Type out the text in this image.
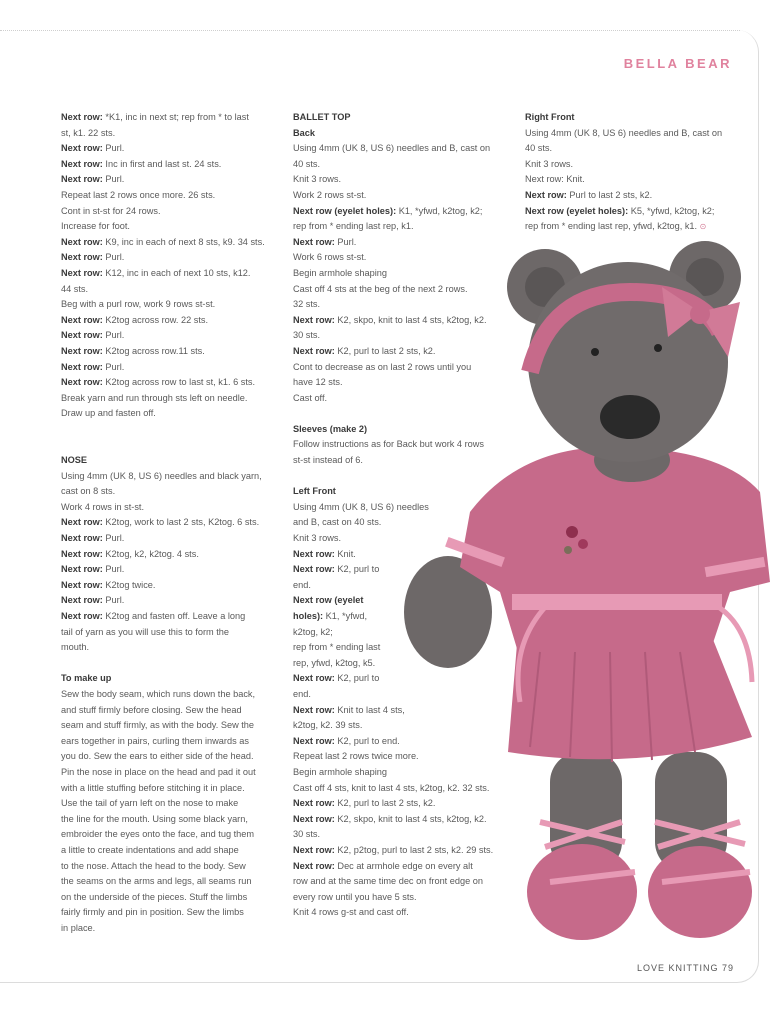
BELLA BEAR

Next row: *K1, inc in next st; rep from * to last

st, k1. 22 sts.

Next row: Purl.

Next row: Inc in first and last st. 24 sts.

Next row: Purl.

Repeat last 2 rows once more. 26 sts.

Cont in st-st for 24 rows.

Increase for foot.

Next row: K9, inc in each of next 8 sts, k9. 34 sts.

Next row: Purl.

Next row: K12, inc in each of next 10 sts, k12.

44 sts.

Beg with a purl row, work 9 rows st-st.

Next row: K2tog across row. 22 sts.

Next row: Purl.

Next row: K2tog across row.11 sts.

Next row: Purl.

Next row: K2tog across row to last st, k1. 6 sts.

Break yarn and run through sts left on needle.

Draw up and fasten off.

NOSE

Using 4mm (UK 8, US 6) needles and black yarn,

cast on 8 sts.

Work 4 rows in st-st.

Next row: K2tog, work to last 2 sts, K2tog. 6 sts.

Next row: Purl.

Next row: K2tog, k2, k2tog. 4 sts.

Next row: Purl.

Next row: K2tog twice.

Next row: Purl.

Next row: K2tog and fasten off. Leave a long

tail of yarn as you will use this to form the

mouth.

To make up

Sew the body seam, which runs down the back,

and stuff firmly before closing. Sew the head

seam and stuff firmly, as with the body. Sew the

ears together in pairs, curling them inwards as

you do. Sew the ears to either side of the head.

Pin the nose in place on the head and pad it out

with a little stuffing before stitching it in place.

Use the tail of yarn left on the nose to make

the line for the mouth. Using some black yarn,

embroider the eyes onto the face, and tug them

a little to create indentations and add shape

to the nose. Attach the head to the body. Sew

the seams on the arms and legs, all seams run

on the underside of the pieces. Stuff the limbs

fairly firmly and pin in position. Sew the limbs

in place.

BALLET TOP

Back

Using 4mm (UK 8, US 6) needles and B, cast on

40 sts.

Knit 3 rows.

Work 2 rows st-st.

Next row (eyelet holes): K1, *yfwd, k2tog, k2;

rep from * ending last rep, k1.

Next row: Purl.

Work 6 rows st-st.

Begin armhole shaping

Cast off 4 sts at the beg of the next 2 rows.

32 sts.

Next row: K2, skpo, knit to last 4 sts, k2tog, k2.

30 sts.

Next row: K2, purl to last 2 sts, k2.

Cont to decrease as on last 2 rows until you

have 12 sts.

Cast off.

Sleeves (make 2)

Follow instructions as for Back but work 4 rows

st-st instead of 6.

Left Front

Using 4mm (UK 8, US 6) needles

and B, cast on 40 sts.

Knit 3 rows.

Next row: Knit.

Next row: K2, purl to

end.

Next row (eyelet

holes): K1, *yfwd,

k2tog, k2;

rep from * ending last

rep, yfwd, k2tog, k5.

Next row: K2, purl to

end.

Next row: Knit to last 4 sts,

k2tog, k2. 39 sts.

Next row: K2, purl to end.

Repeat last 2 rows twice more.

Begin armhole shaping

Cast off 4 sts, knit to last 4 sts, k2tog, k2. 32 sts.

Next row: K2, purl to last 2 sts, k2.

Next row: K2, skpo, knit to last 4 sts, k2tog, k2.

30 sts.

Next row: K2, p2tog, purl to last 2 sts, k2. 29 sts.

Next row: Dec at armhole edge on every alt

row and at the same time dec on front edge on

every row until you have 5 sts.

Knit 4 rows g-st and cast off.

Right Front

Using 4mm (UK 8, US 6) needles and B, cast on

40 sts.

Knit 3 rows.

Next row: Knit.

Next row: Purl to last 2 sts, k2.

Next row (eyelet holes): K5, *yfwd, k2tog, k2;

rep from * ending last rep, yfwd, k2tog, k1. ⊙

LOVE KNITTING 79
